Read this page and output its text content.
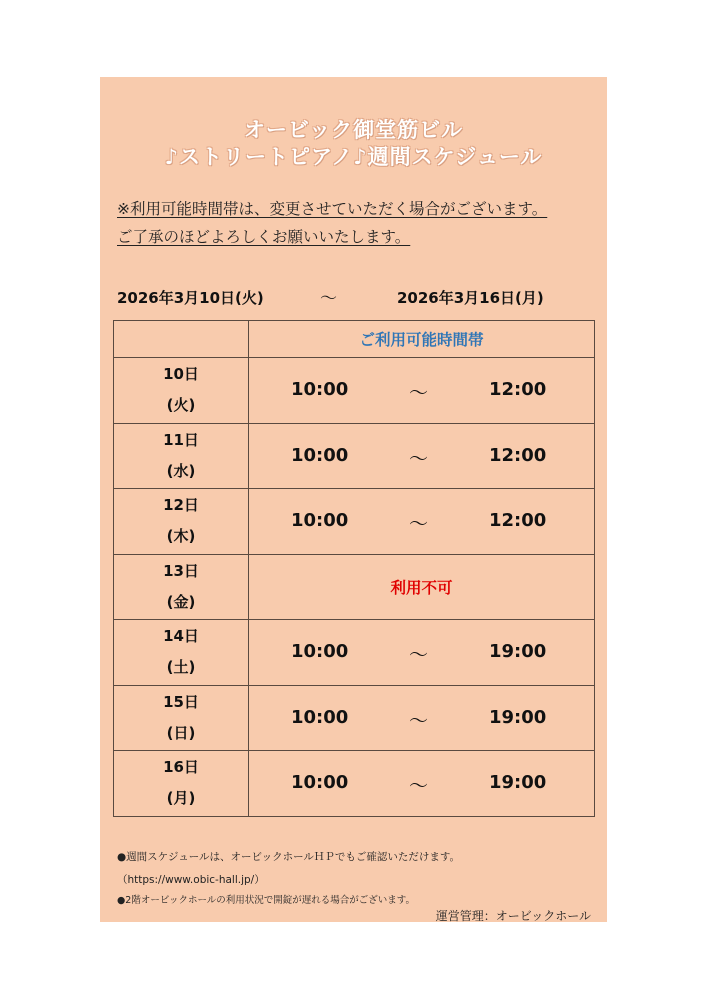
オービック御堂筋ビル
♪ストリートピアノ♪週間スケジュール
※利用可能時間帯は、変更させていただく場合がございます。
ご了承のほどよろしくお願いいたします。
2026年3月10日(火)	～	2026年3月16日(月)
	ご利用可能時間帯

10日
(火)	10:00 ～ 12:00

11日
(水)	10:00 ～ 12:00

12日
(木)	10:00 ～ 12:00

13日
(金)	利用不可

14日
(土)	10:00 ～ 19:00

15日
(日)	10:00 ～ 19:00

16日
(月)	10:00 ～ 19:00
●週間スケジュールは、オービックホールＨＰでもご確認いただけます。
（https://www.obic-hall.jp/）
●2階オービックホールの利用状況で開錠が遅れる場合がございます。
運営管理：オービックホール
